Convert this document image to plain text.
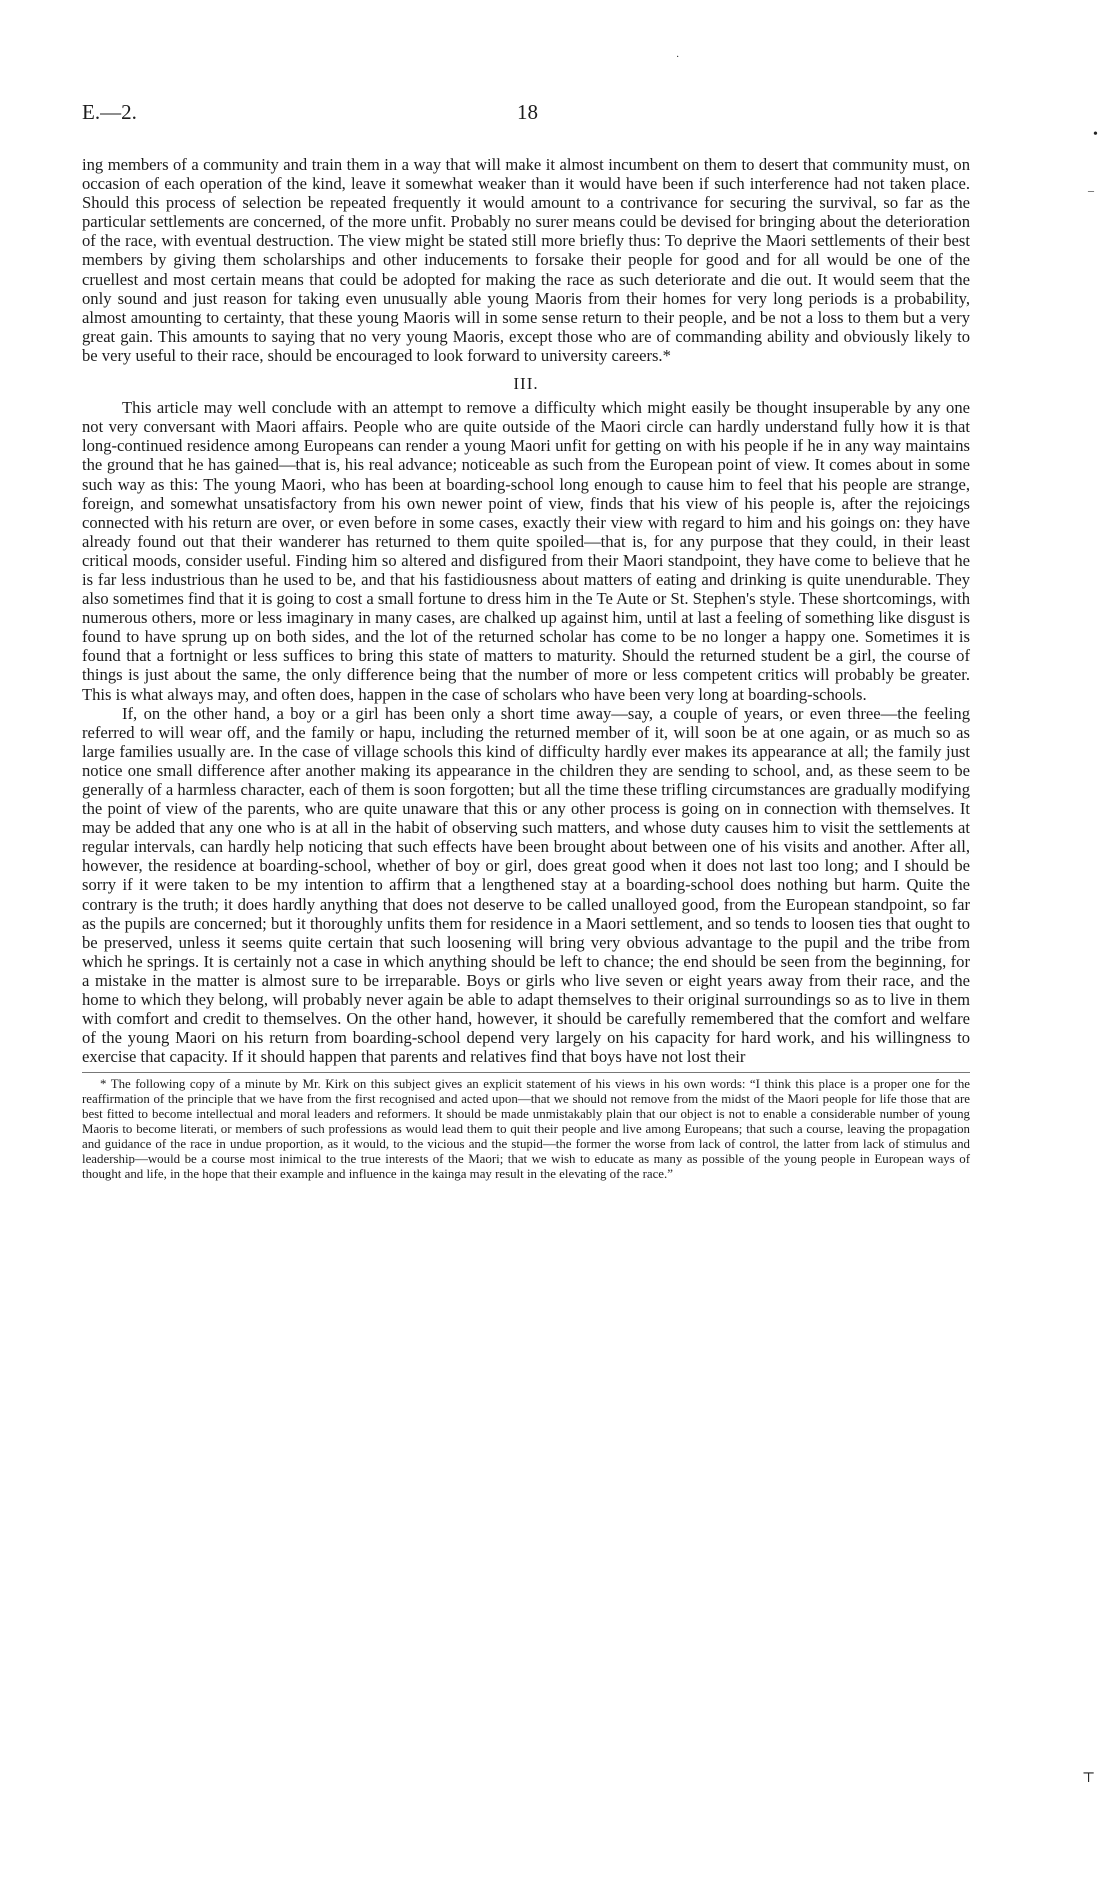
·
•
–
⊤
E.—2.	18

ing members of a community and train them in a way that will make it almost incumbent on them to desert that community must, on occasion of each operation of the kind, leave it somewhat weaker than it would have been if such interference had not taken place. Should this process of selection be repeated frequently it would amount to a contrivance for securing the survival, so far as the particular settlements are concerned, of the more unfit. Probably no surer means could be devised for bringing about the deterioration of the race, with eventual destruction. The view might be stated still more briefly thus: To deprive the Maori settlements of their best members by giving them scholarships and other inducements to forsake their people for good and for all would be one of the cruellest and most certain means that could be adopted for making the race as such deteriorate and die out. It would seem that the only sound and just reason for taking even unusually able young Maoris from their homes for very long periods is a probability, almost amounting to certainty, that these young Maoris will in some sense return to their people, and be not a loss to them but a very great gain. This amounts to saying that no very young Maoris, except those who are of commanding ability and obviously likely to be very useful to their race, should be encouraged to look forward to university careers.*

III.

This article may well conclude with an attempt to remove a difficulty which might easily be thought insuperable by any one not very conversant with Maori affairs. People who are quite outside of the Maori circle can hardly understand fully how it is that long-continued residence among Europeans can render a young Maori unfit for getting on with his people if he in any way maintains the ground that he has gained—that is, his real advance; noticeable as such from the European point of view. It comes about in some such way as this: The young Maori, who has been at boarding-school long enough to cause him to feel that his people are strange, foreign, and somewhat unsatisfactory from his own newer point of view, finds that his view of his people is, after the rejoicings connected with his return are over, or even before in some cases, exactly their view with regard to him and his goings on: they have already found out that their wanderer has returned to them quite spoiled—that is, for any purpose that they could, in their least critical moods, consider useful. Finding him so altered and disfigured from their Maori standpoint, they have come to believe that he is far less industrious than he used to be, and that his fastidiousness about matters of eating and drinking is quite unendurable. They also sometimes find that it is going to cost a small fortune to dress him in the Te Aute or St. Stephen's style. These shortcomings, with numerous others, more or less imaginary in many cases, are chalked up against him, until at last a feeling of something like disgust is found to have sprung up on both sides, and the lot of the returned scholar has come to be no longer a happy one. Sometimes it is found that a fortnight or less suffices to bring this state of matters to maturity. Should the returned student be a girl, the course of things is just about the same, the only difference being that the number of more or less competent critics will probably be greater. This is what always may, and often does, happen in the case of scholars who have been very long at boarding-schools.

If, on the other hand, a boy or a girl has been only a short time away—say, a couple of years, or even three—the feeling referred to will wear off, and the family or hapu, including the returned member of it, will soon be at one again, or as much so as large families usually are. In the case of village schools this kind of difficulty hardly ever makes its appearance at all; the family just notice one small difference after another making its appearance in the children they are sending to school, and, as these seem to be generally of a harmless character, each of them is soon forgotten; but all the time these trifling circumstances are gradually modifying the point of view of the parents, who are quite unaware that this or any other process is going on in connection with themselves. It may be added that any one who is at all in the habit of observing such matters, and whose duty causes him to visit the settlements at regular intervals, can hardly help noticing that such effects have been brought about between one of his visits and another. After all, however, the residence at boarding-school, whether of boy or girl, does great good when it does not last too long; and I should be sorry if it were taken to be my intention to affirm that a lengthened stay at a boarding-school does nothing but harm. Quite the contrary is the truth; it does hardly anything that does not deserve to be called unalloyed good, from the European standpoint, so far as the pupils are concerned; but it thoroughly unfits them for residence in a Maori settlement, and so tends to loosen ties that ought to be preserved, unless it seems quite certain that such loosening will bring very obvious advantage to the pupil and the tribe from which he springs. It is certainly not a case in which anything should be left to chance; the end should be seen from the beginning, for a mistake in the matter is almost sure to be irreparable. Boys or girls who live seven or eight years away from their race, and the home to which they belong, will probably never again be able to adapt themselves to their original surroundings so as to live in them with comfort and credit to themselves. On the other hand, however, it should be carefully remembered that the comfort and welfare of the young Maori on his return from boarding-school depend very largely on his capacity for hard work, and his willingness to exercise that capacity. If it should happen that parents and relatives find that boys have not lost their

* The following copy of a minute by Mr. Kirk on this subject gives an explicit statement of his views in his own words: “I think this place is a proper one for the reaffirmation of the principle that we have from the first recognised and acted upon—that we should not remove from the midst of the Maori people for life those that are best fitted to become intellectual and moral leaders and reformers. It should be made unmistakably plain that our object is not to enable a considerable number of young Maoris to become literati, or members of such professions as would lead them to quit their people and live among Europeans; that such a course, leaving the propagation and guidance of the race in undue proportion, as it would, to the vicious and the stupid—the former the worse from lack of control, the latter from lack of stimulus and leadership—would be a course most inimical to the true interests of the Maori; that we wish to educate as many as possible of the young people in European ways of thought and life, in the hope that their example and influence in the kainga may result in the elevating of the race.”
